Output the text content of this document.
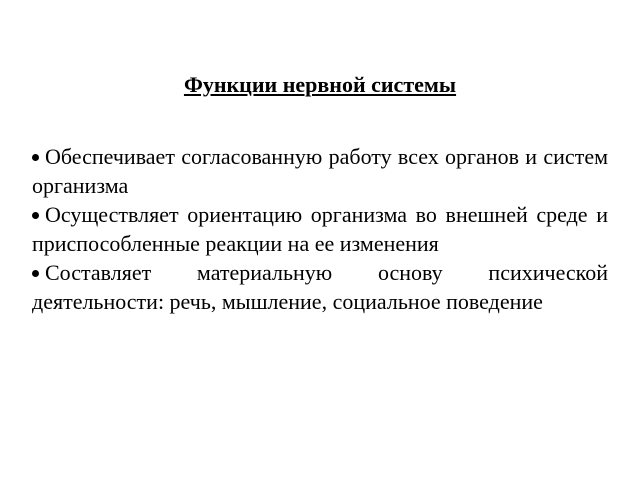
Функции нервной системы
Обеспечивает согласованную работу всех органов и систем организма
Осуществляет ориентацию организма во внешней среде и приспособленные реакции на ее изменения
Составляет материальную основу психической деятельности: речь, мышление, социальное поведение
